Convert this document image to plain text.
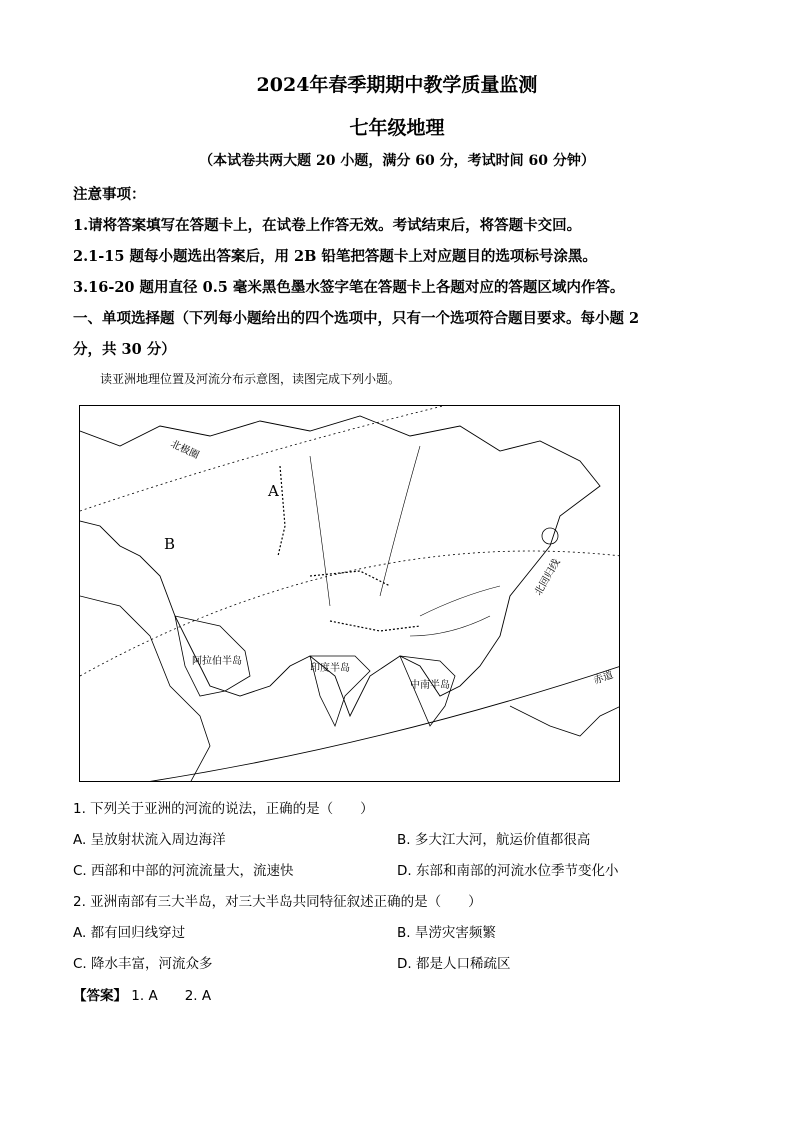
2024年春季期期中教学质量监测
七年级地理
（本试卷共两大题 20 小题，满分 60 分，考试时间 60 分钟）
注意事项：
1.请将答案填写在答题卡上，在试卷上作答无效。考试结束后，将答题卡交回。
2.1-15 题每小题选出答案后，用 2B 铅笔把答题卡上对应题目的选项标号涂黑。
3.16-20 题用直径 0.5 毫米黑色墨水签字笔在答题卡上各题对应的答题区域内作答。
一、单项选择题（下列每小题给出的四个选项中，只有一个选项符合题目要求。每小题 2
分，共 30 分）
读亚洲地理位置及河流分布示意图，读图完成下列小题。
北极圈
北回归线
赤道
阿拉伯半岛
印度半岛
中南半岛
A
B
1. 下列关于亚洲的河流的说法，正确的是（　　）
A. 呈放射状流入周边海洋	B. 多大江大河，航运价值都很高
C. 西部和中部的河流流量大，流速快	D. 东部和南部的河流水位季节变化小
2. 亚洲南部有三大半岛，对三大半岛共同特征叙述正确的是（　　）
A. 都有回归线穿过	B. 旱涝灾害频繁
C. 降水丰富，河流众多	D. 都是人口稀疏区
【答案】 1. A　　2. A
